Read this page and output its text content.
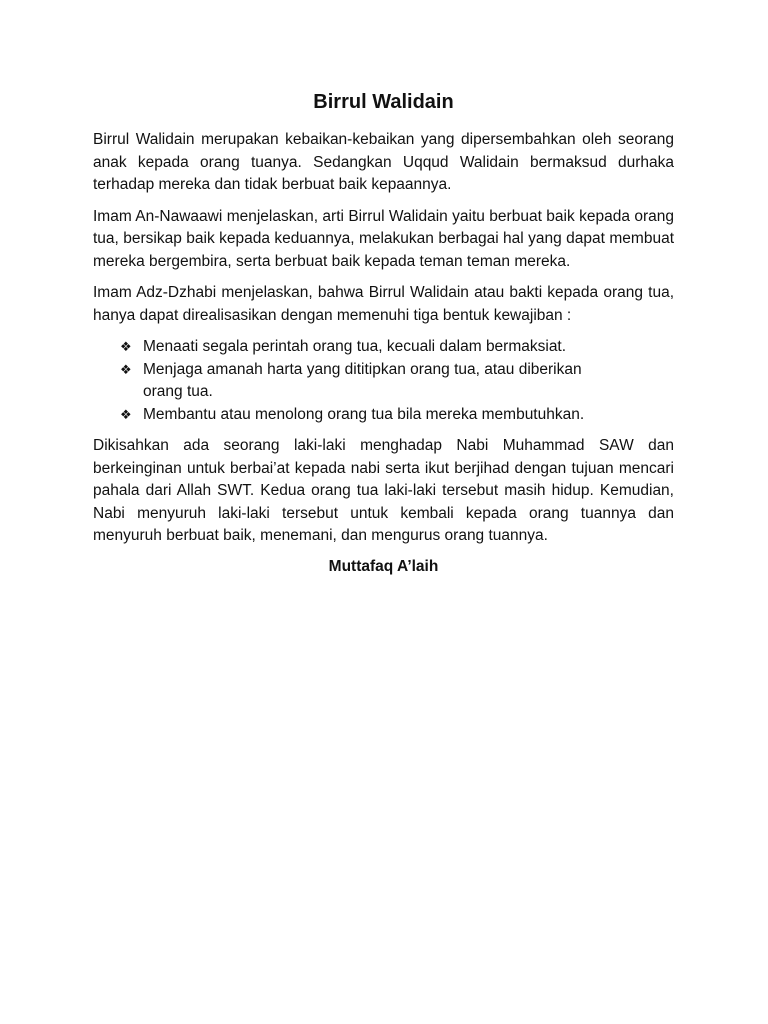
Birrul Walidain

Birrul Walidain merupakan kebaikan-kebaikan yang dipersembahkan oleh seorang anak kepada orang tuanya. Sedangkan Uqqud Walidain bermaksud durhaka terhadap mereka dan tidak berbuat baik kepaannya.

Imam An-Nawaawi menjelaskan, arti Birrul Walidain yaitu berbuat baik kepada orang tua, bersikap baik kepada keduannya, melakukan berbagai hal yang dapat membuat mereka bergembira, serta berbuat baik kepada teman teman mereka.

Imam Adz-Dzhabi menjelaskan, bahwa Birrul Walidain atau bakti kepada orang tua, hanya dapat direalisasikan dengan memenuhi tiga bentuk kewajiban :

❖ Menaati segala perintah orang tua, kecuali dalam bermaksiat.
❖ Menjaga amanah harta yang dititipkan orang tua, atau diberikan orang tua.
❖ Membantu atau menolong orang tua bila mereka membutuhkan.

Dikisahkan ada seorang laki-laki menghadap Nabi Muhammad SAW dan berkeinginan untuk berbai’at kepada nabi serta ikut berjihad dengan tujuan mencari pahala dari Allah SWT. Kedua orang tua laki-laki tersebut masih hidup. Kemudian, Nabi menyuruh laki-laki tersebut untuk kembali kepada orang tuannya dan menyuruh berbuat baik, menemani, dan mengurus orang tuannya.

Muttafaq A’laih
